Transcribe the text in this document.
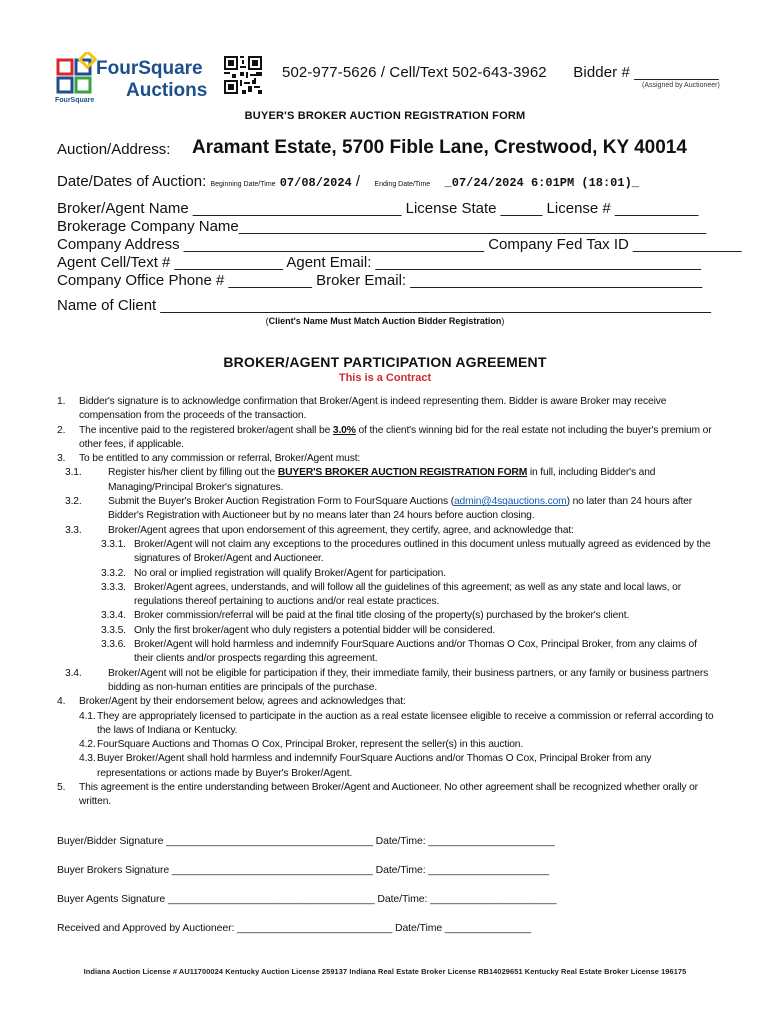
FourSquare
Auctions
FourSquare
502-977-5626 / Cell/Text 502-643-3962 Bidder # __________
(Assigned by Auctioneer)
BUYER'S BROKER AUCTION REGISTRATION FORM
Auction/Address: Aramant Estate, 5700 Fible Lane, Crestwood, KY 40014
Date/Dates of Auction: Beginning Date/Time 07/08/2024 / Ending Date/Time _07/24/2024 6:01PM (18:01)_
Broker/Agent Name _________________________ License State _____ License # __________
Brokerage Company Name________________________________________________________
Company Address ____________________________________ Company Fed Tax ID _____________
Agent Cell/Text # _____________ Agent Email: _______________________________________
Company Office Phone # __________ Broker Email: ___________________________________
Name of Client __________________________________________________________________
(Client's Name Must Match Auction Bidder Registration)
BROKER/AGENT PARTICIPATION AGREEMENT
This is a Contract
1. Bidder's signature is to acknowledge confirmation that Broker/Agent is indeed representing them. Bidder is aware Broker may receive compensation from the proceeds of the transaction.
2. The incentive paid to the registered broker/agent shall be 3.0% of the client's winning bid for the real estate not including the buyer's premium or other fees, if applicable.
3. To be entitled to any commission or referral, Broker/Agent must:
3.1.	Register his/her client by filling out the BUYER'S BROKER AUCTION REGISTRATION FORM in full, including Bidder's and Managing/Principal Broker's signatures.
3.2.	Submit the Buyer's Broker Auction Registration Form to FourSquare Auctions (admin@4sqauctions.com) no later than 24 hours after Bidder's Registration with Auctioneer but by no means later than 24 hours before auction closing.
3.3.	Broker/Agent agrees that upon endorsement of this agreement, they certify, agree, and acknowledge that:
3.3.1. Broker/Agent will not claim any exceptions to the procedures outlined in this document unless mutually agreed as evidenced by the signatures of Broker/Agent and Auctioneer.
3.3.2. No oral or implied registration will qualify Broker/Agent for participation.
3.3.3. Broker/Agent agrees, understands, and will follow all the guidelines of this agreement; as well as any state and local laws, or regulations thereof pertaining to auctions and/or real estate practices.
3.3.4. Broker commission/referral will be paid at the final title closing of the property(s) purchased by the broker's client.
3.3.5. Only the first broker/agent who duly registers a potential bidder will be considered.
3.3.6. Broker/Agent will hold harmless and indemnify FourSquare Auctions and/or Thomas O Cox, Principal Broker, from any claims of their clients and/or prospects regarding this agreement.
3.4.	Broker/Agent will not be eligible for participation if they, their immediate family, their business partners, or any family or business partners bidding as non-human entities are principals of the purchase.
4. Broker/Agent by their endorsement below, agrees and acknowledges that:
4.1. They are appropriately licensed to participate in the auction as a real estate licensee eligible to receive a commission or referral according to the laws of Indiana or Kentucky.
4.2. FourSquare Auctions and Thomas O Cox, Principal Broker, represent the seller(s) in this auction.
4.3. Buyer Broker/Agent shall hold harmless and indemnify FourSquare Auctions and/or Thomas O Cox, Principal Broker from any representations or actions made by Buyer's Broker/Agent.
5. This agreement is the entire understanding between Broker/Agent and Auctioneer. No other agreement shall be recognized whether orally or written.
Buyer/Bidder Signature ____________________________________ Date/Time: ______________________
Buyer Brokers Signature ___________________________________ Date/Time: _____________________
Buyer Agents Signature ____________________________________ Date/Time: ______________________
Received and Approved by Auctioneer: ___________________________ Date/Time _______________
Indiana Auction License # AU11700024 Kentucky Auction License 259137 Indiana Real Estate Broker License RB14029651 Kentucky Real Estate Broker License 196175
